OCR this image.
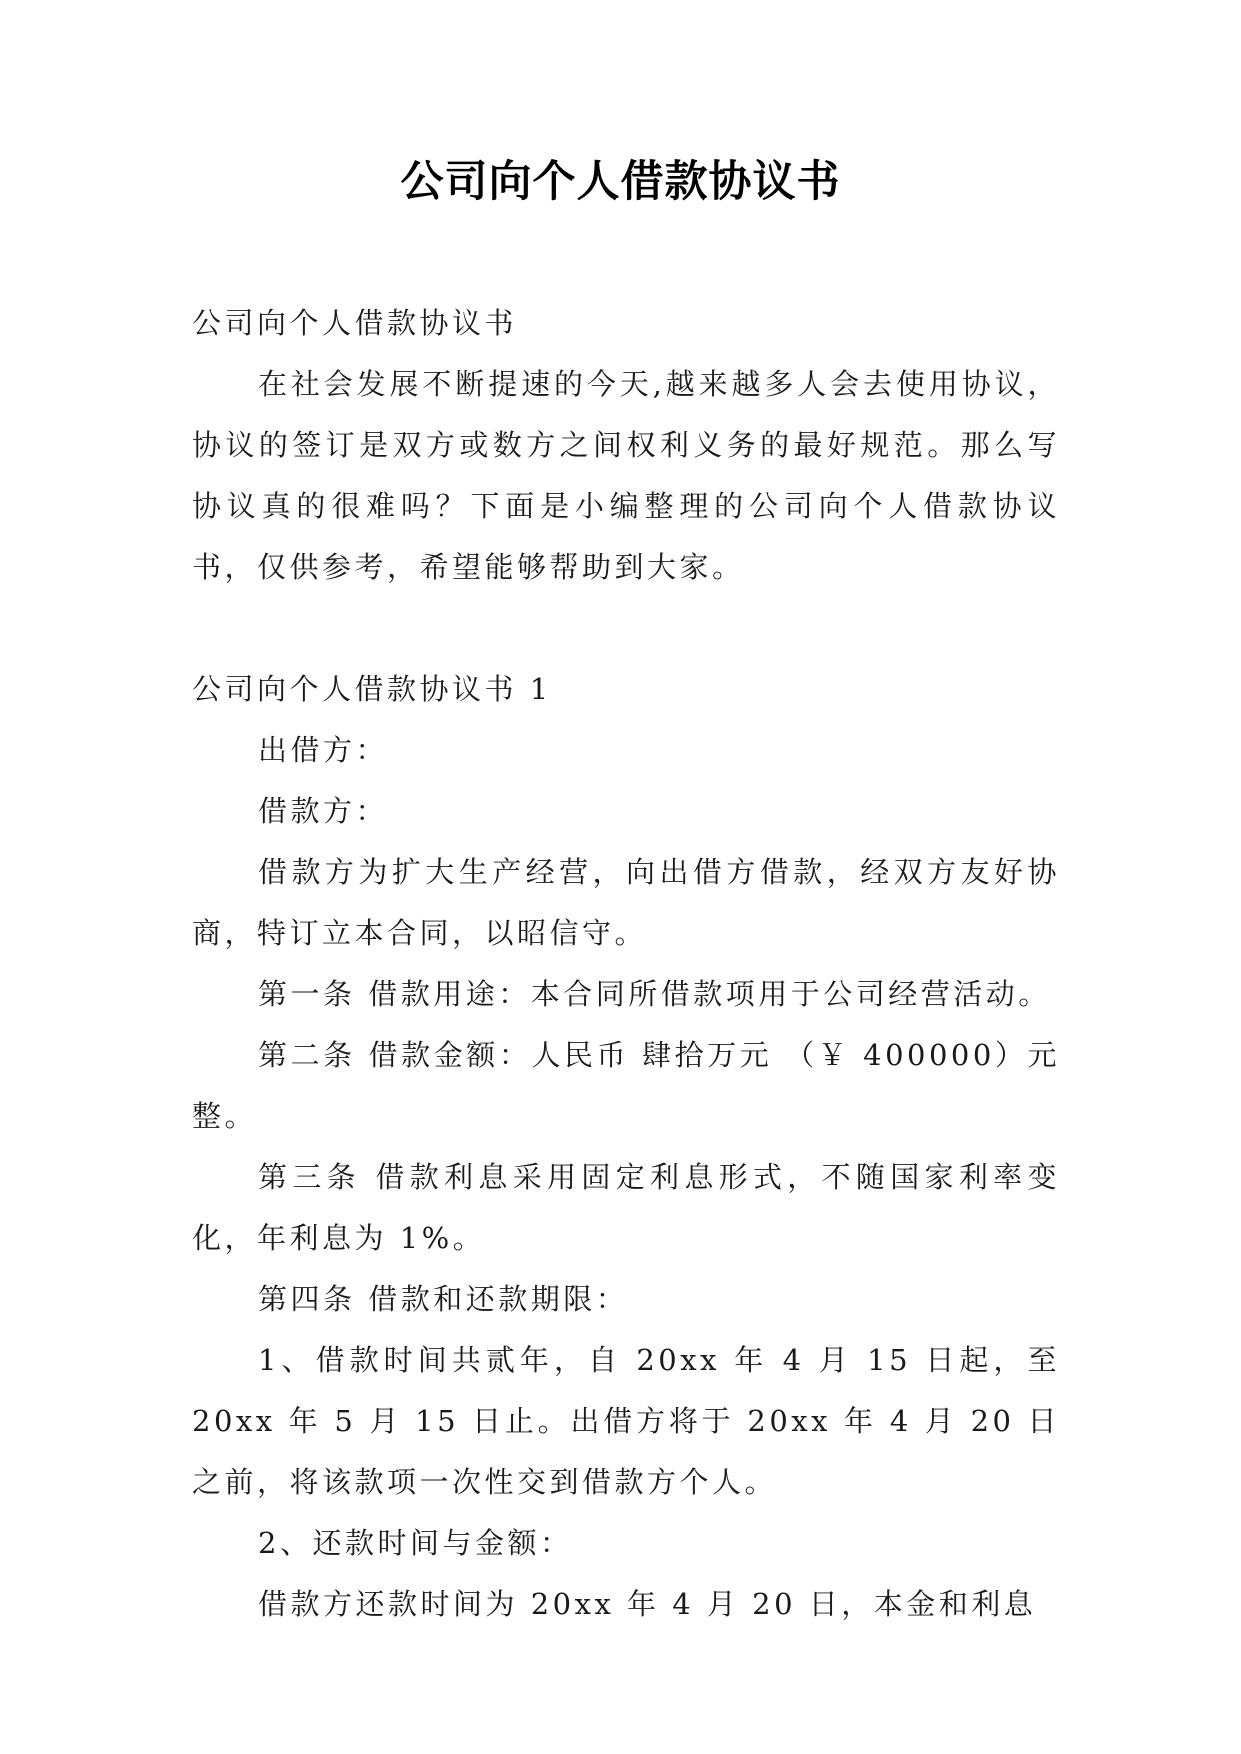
公司向个人借款协议书

公司向个人借款协议书

在社会发展不断提速的今天,越来越多人会去使用协议，协议的签订是双方或数方之间权利义务的最好规范。那么写协议真的很难吗？下面是小编整理的公司向个人借款协议书，仅供参考，希望能够帮助到大家。

公司向个人借款协议书 1

出借方：

借款方：

借款方为扩大生产经营，向出借方借款，经双方友好协商，特订立本合同，以昭信守。

第一条 借款用途：本合同所借款项用于公司经营活动。

第二条 借款金额：人民币 肆拾万元 （￥ 400000）元整。

第三条 借款利息采用固定利息形式，不随国家利率变化，年利息为 1%。

第四条 借款和还款期限：

1、借款时间共贰年，自 20xx 年 4 月 15 日起，至 20xx 年 5 月 15 日止。出借方将于 20xx 年 4 月 20 日之前，将该款项一次性交到借款方个人。

2、还款时间与金额：

借款方还款时间为 20xx 年 4 月 20 日，本金和利息
